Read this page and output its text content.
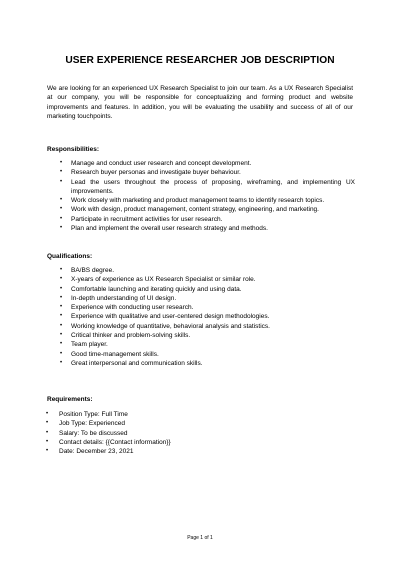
USER EXPERIENCE RESEARCHER JOB DESCRIPTION

We are looking for an experienced UX Research Specialist to join our team. As a UX Research Specialist at our company, you will be responsible for conceptualizing and forming product and website improvements and features. In addition, you will be evaluating the usability and success of all of our marketing touchpoints.

Responsibilities:
• Manage and conduct user research and concept development.
• Research buyer personas and investigate buyer behaviour.
• Lead the users throughout the process of proposing, wireframing, and implementing UX improvements.
• Work closely with marketing and product management teams to identify research topics.
• Work with design, product management, content strategy, engineering, and marketing.
• Participate in recruitment activities for user research.
• Plan and implement the overall user research strategy and methods.
Qualifications:
• BA/BS degree.
• X-years of experience as UX Research Specialist or similar role.
• Comfortable launching and iterating quickly and using data.
• In-depth understanding of UI design.
• Experience with conducting user research.
• Experience with qualitative and user-centered design methodologies.
• Working knowledge of quantitative, behavioral analysis and statistics.
• Critical thinker and problem-solving skills.
• Team player.
• Good time-management skills.
• Great interpersonal and communication skills.
Requirements:
• Position Type: Full Time
• Job Type: Experienced
• Salary: To be discussed
• Contact details: {{Contact information}}
• Date: December 23, 2021
Page 1 of 1
